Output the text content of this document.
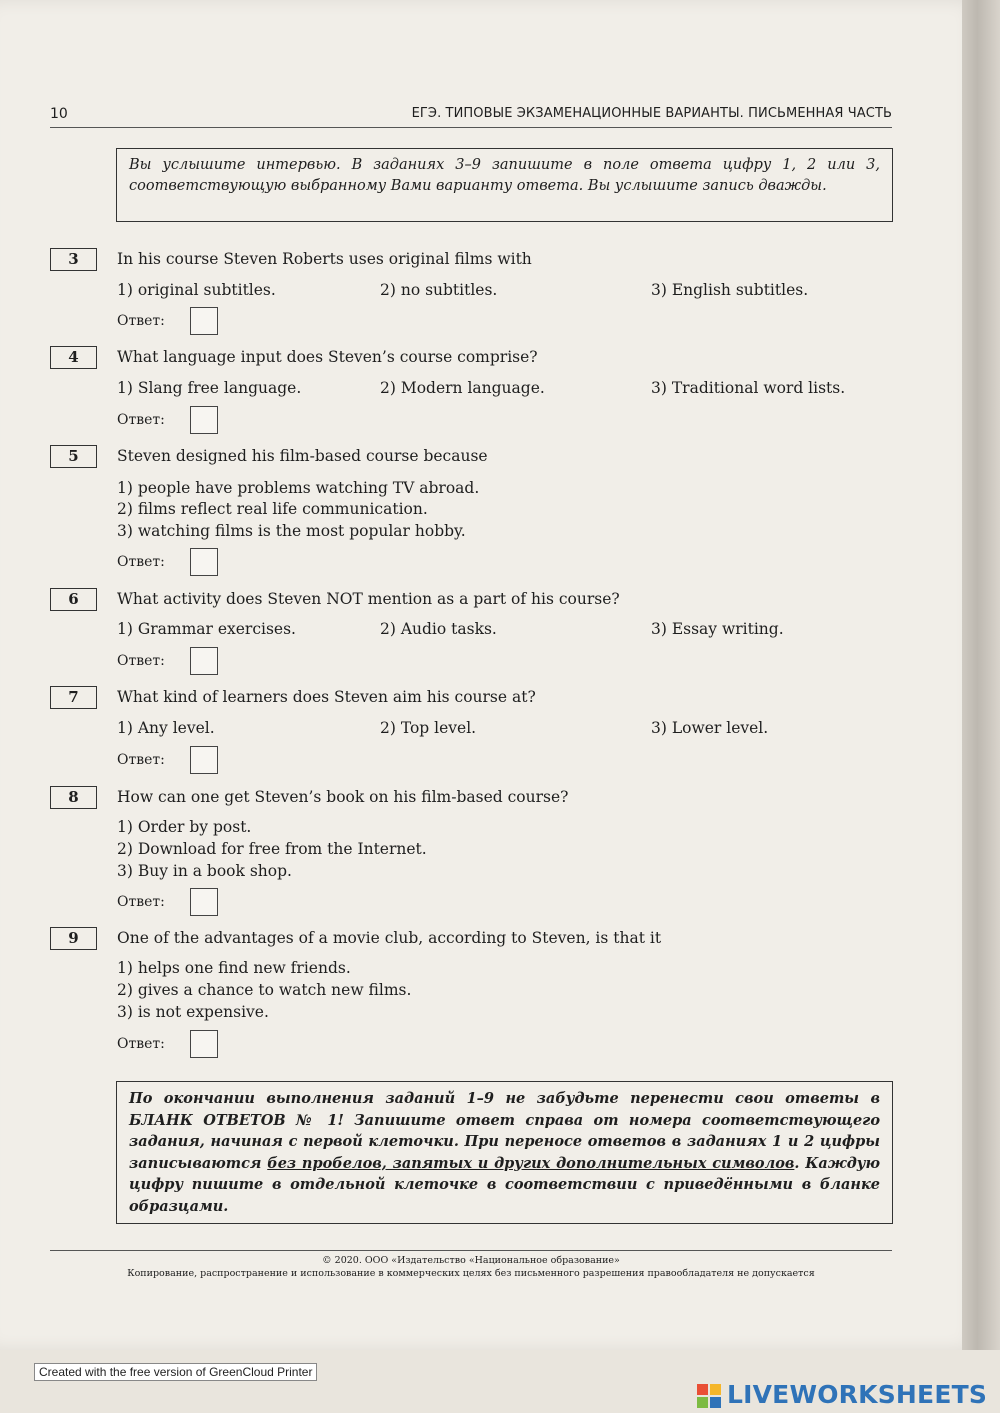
10	ЕГЭ. ТИПОВЫЕ ЭКЗАМЕНАЦИОННЫЕ ВАРИАНТЫ. ПИСЬМЕННАЯ ЧАСТЬ
Вы услышите интервью. В заданиях 3–9 запишите в поле ответа цифру 1, 2 или 3, соответствующую выбранному Вами варианту ответа. Вы услышите запись дважды.
3	In his course Steven Roberts uses original films with
1) original subtitles.	2) no subtitles.	3) English subtitles.
Ответ:
4	What language input does Steven’s course comprise?
1) Slang free language.	2) Modern language.	3) Traditional word lists.
Ответ:
5	Steven designed his film-based course because
1) people have problems watching TV abroad.
2) films reflect real life communication.
3) watching films is the most popular hobby.
Ответ:
6	What activity does Steven NOT mention as a part of his course?
1) Grammar exercises.	2) Audio tasks.	3) Essay writing.
Ответ:
7	What kind of learners does Steven aim his course at?
1) Any level.	2) Top level.	3) Lower level.
Ответ:
8	How can one get Steven’s book on his film-based course?
1) Order by post.
2) Download for free from the Internet.
3) Buy in a book shop.
Ответ:
9	One of the advantages of a movie club, according to Steven, is that it
1) helps one find new friends.
2) gives a chance to watch new films.
3) is not expensive.
Ответ:
По окончании выполнения заданий 1–9 не забудьте перенести свои ответы в БЛАНК ОТВЕТОВ № 1! Запишите ответ справа от номера соответствующего задания, начиная с первой клеточки. При переносе ответов в заданиях 1 и 2 цифры записываются без пробелов, запятых и других дополнительных символов. Каждую цифру пишите в отдельной клеточке в соответствии с приведёнными в бланке образцами.
© 2020. ООО «Издательство «Национальное образование»
Копирование, распространение и использование в коммерческих целях без письменного разрешения правообладателя не допускается
Created with the free version of GreenCloud Printer
LIVEWORKSHEETS
